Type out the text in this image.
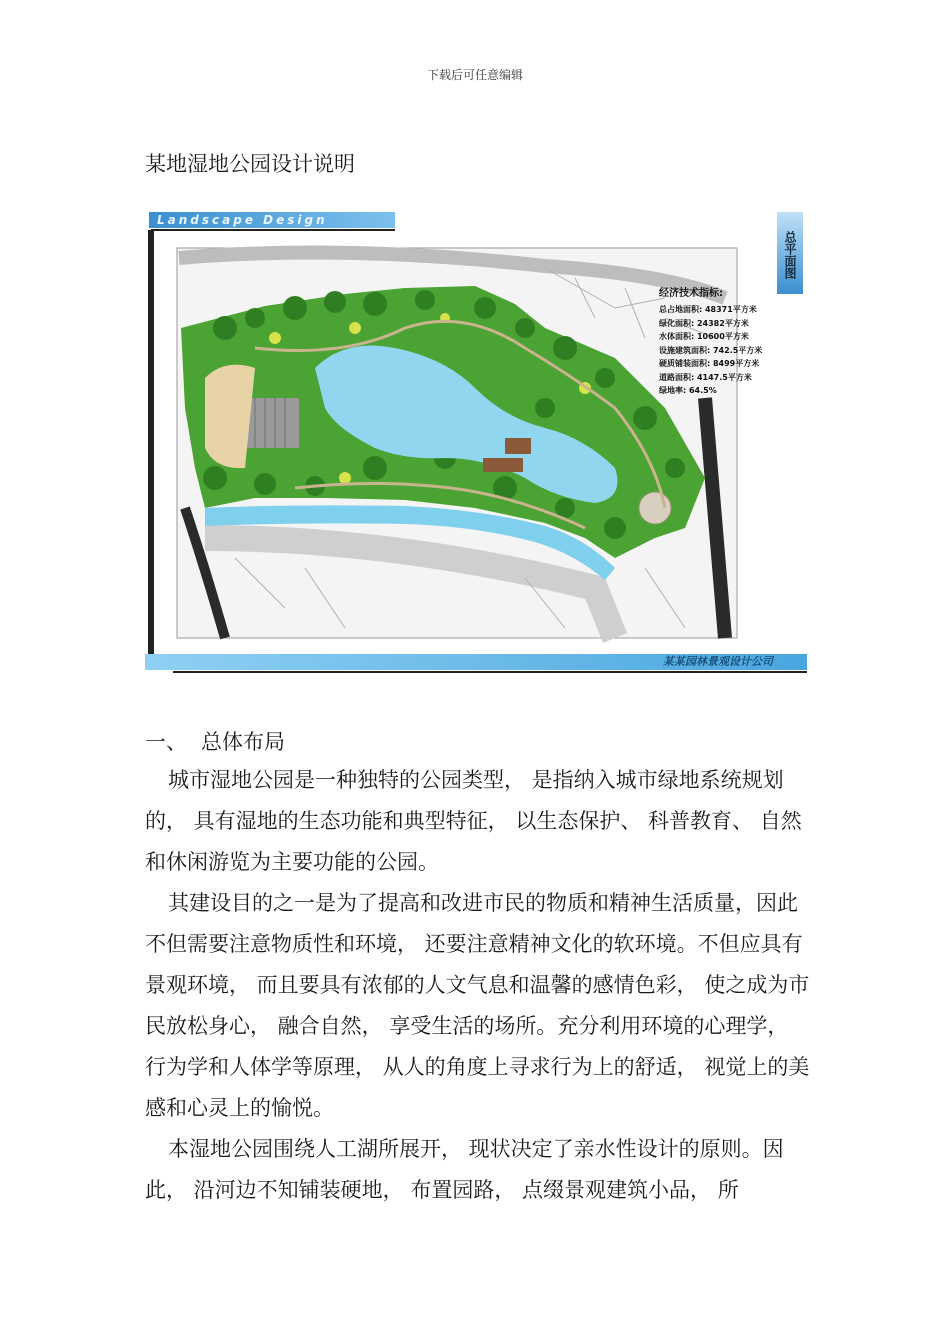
下载后可任意编辑
某地湿地公园设计说明
Landscape Design
总平面图
经济技术指标:
总占地面积: 48371平方米
绿化面积: 24382平方米
水体面积: 10600平方米
设施建筑面积: 742.5平方米
硬质铺装面积: 8499平方米
道路面积: 4147.5平方米
绿地率: 64.5%
某某园林景观设计公司
一、 总体布局

城市湿地公园是一种独特的公园类型， 是指纳入城市绿地系统规划的， 具有湿地的生态功能和典型特征， 以生态保护、 科普教育、 自然和休闲游览为主要功能的公园。

其建设目的之一是为了提高和改进市民的物质和精神生活质量，因此不但需要注意物质性和环境， 还要注意精神文化的软环境。不但应具有景观环境， 而且要具有浓郁的人文气息和温馨的感情色彩， 使之成为市民放松身心， 融合自然， 享受生活的场所。充分利用环境的心理学， 行为学和人体学等原理， 从人的角度上寻求行为上的舒适， 视觉上的美感和心灵上的愉悦。

本湿地公园围绕人工湖所展开， 现状决定了亲水性设计的原则。因此， 沿河边不知铺装硬地， 布置园路， 点缀景观建筑小品， 所
